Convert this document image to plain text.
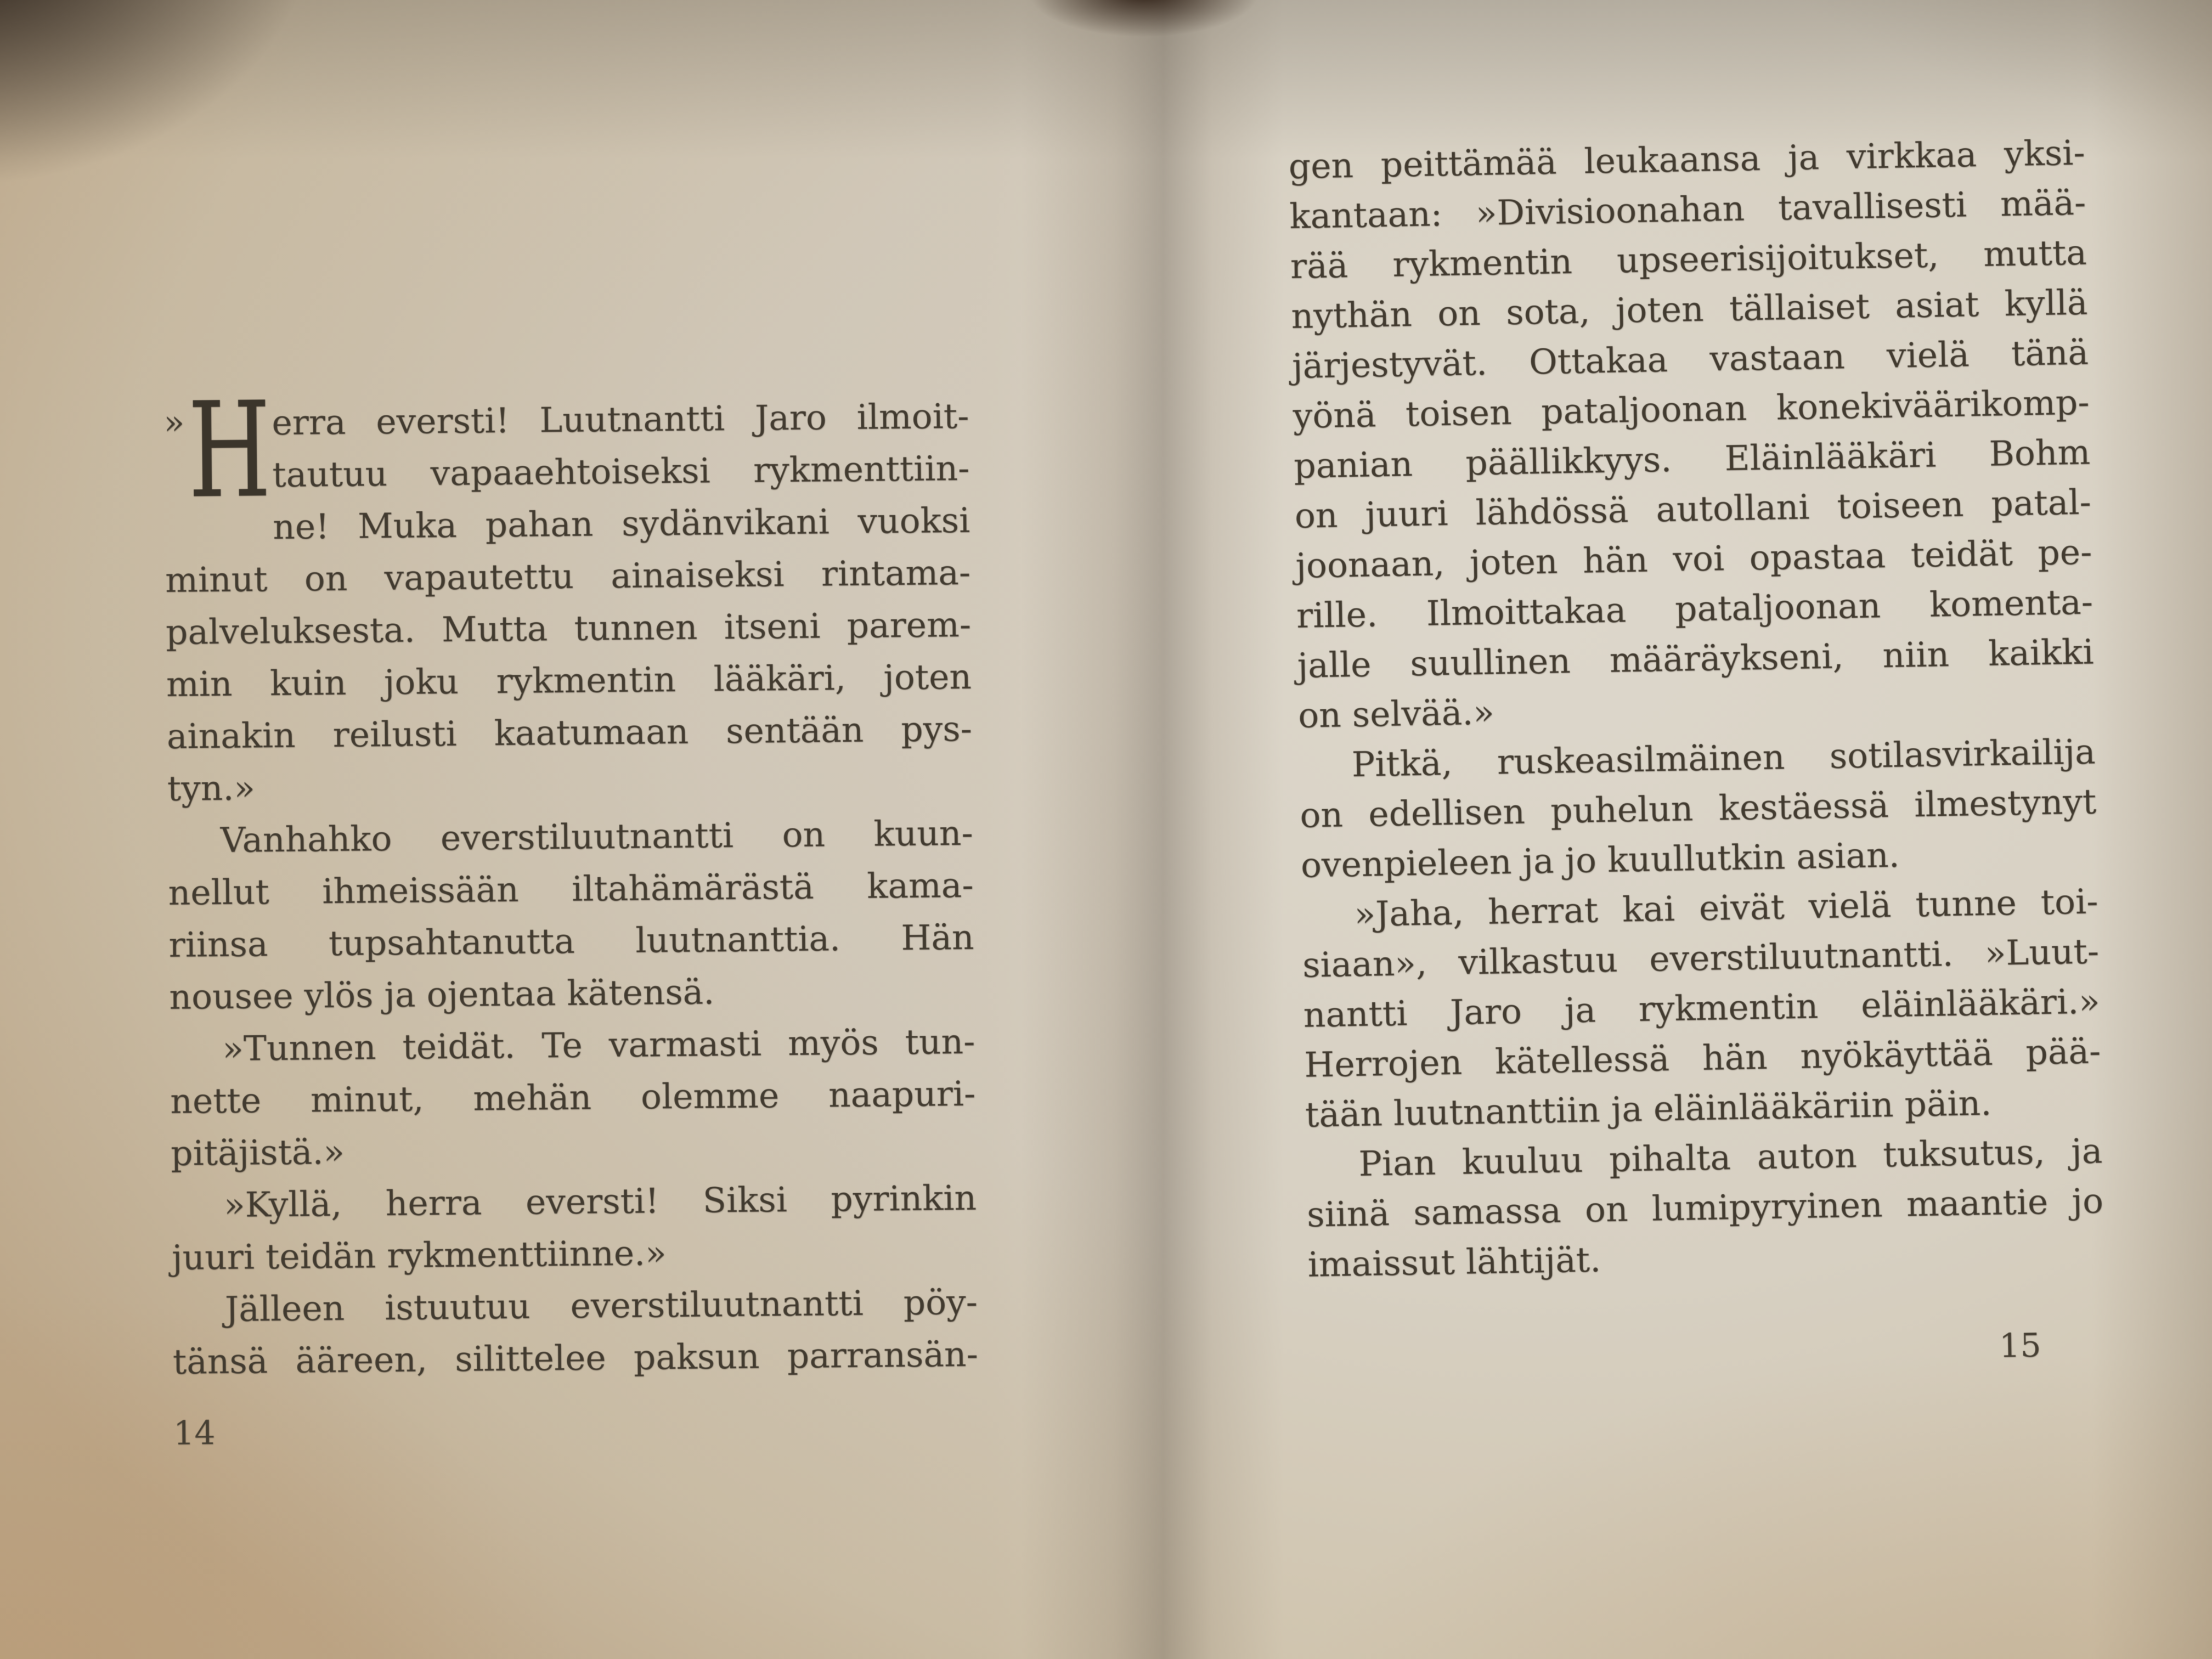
» H erra eversti! Luutnantti Jaro ilmoit-
tautuu vapaaehtoiseksi rykmenttiin-
ne! Muka pahan sydänvikani vuoksi
minut on vapautettu ainaiseksi rintama-
palveluksesta. Mutta tunnen itseni parem-
min kuin joku rykmentin lääkäri, joten
ainakin reilusti kaatumaan sentään pys-
tyn.»
Vanhahko everstiluutnantti on kuun-
nellut ihmeissään iltahämärästä kama-
riinsa tupsahtanutta luutnanttia. Hän
nousee ylös ja ojentaa kätensä.
»Tunnen teidät. Te varmasti myös tun-
nette minut, mehän olemme naapuri-
pitäjistä.»
»Kyllä, herra eversti! Siksi pyrinkin
juuri teidän rykmenttiinne.»
Jälleen istuutuu everstiluutnantti pöy-
tänsä ääreen, silittelee paksun parransän-
14
gen peittämää leukaansa ja virkkaa yksi-
kantaan: »Divisioonahan tavallisesti mää-
rää rykmentin upseerisijoitukset, mutta
nythän on sota, joten tällaiset asiat kyllä
järjestyvät. Ottakaa vastaan vielä tänä
yönä toisen pataljoonan konekiväärikomp-
panian päällikkyys. Eläinlääkäri Bohm
on juuri lähdössä autollani toiseen patal-
joonaan, joten hän voi opastaa teidät pe-
rille. Ilmoittakaa pataljoonan komenta-
jalle suullinen määräykseni, niin kaikki
on selvää.»
Pitkä, ruskeasilmäinen sotilasvirkailija
on edellisen puhelun kestäessä ilmestynyt
ovenpieleen ja jo kuullutkin asian.
»Jaha, herrat kai eivät vielä tunne toi-
siaan», vilkastuu everstiluutnantti. »Luut-
nantti Jaro ja rykmentin eläinlääkäri.»
Herrojen kätellessä hän nyökäyttää pää-
tään luutnanttiin ja eläinlääkäriin päin.
Pian kuuluu pihalta auton tuksutus, ja
siinä samassa on lumipyryinen maantie jo
imaissut lähtijät.
15
